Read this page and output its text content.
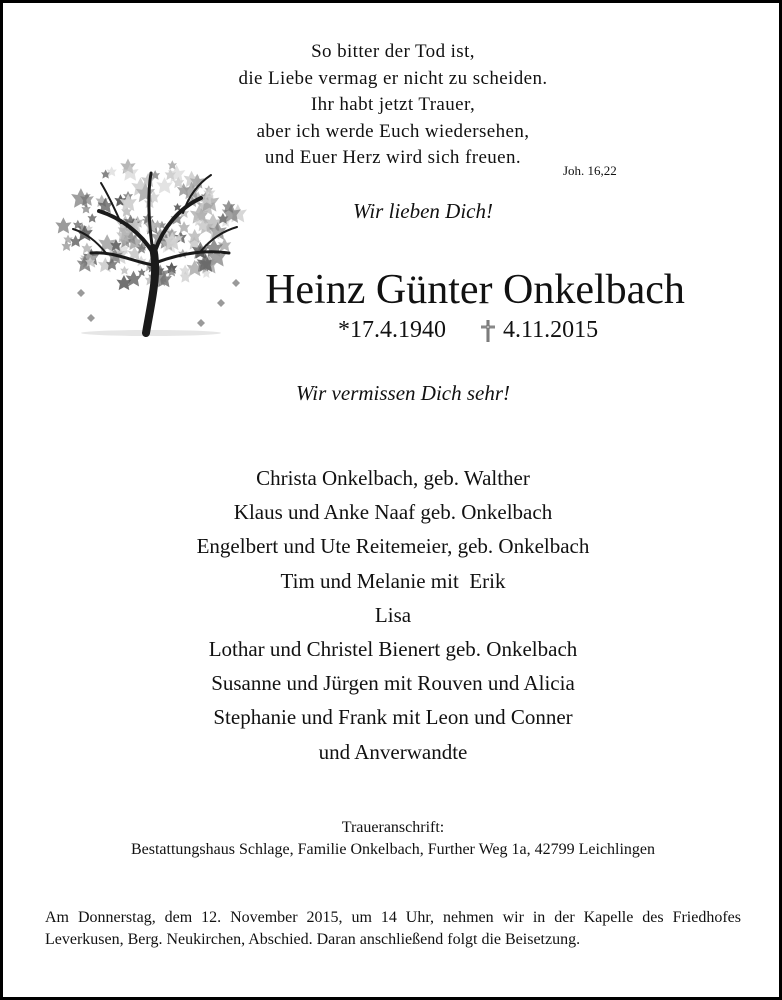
So bitter der Tod ist,
die Liebe vermag er nicht zu scheiden.
Ihr habt jetzt Trauer,
aber ich werde Euch wiedersehen,
und Euer Herz wird sich freuen.
Joh. 16,22
Wir lieben Dich!
Heinz Günter Onkelbach
*17.4.1940 4.11.2015
Wir vermissen Dich sehr!
Christa Onkelbach, geb. Walther
Klaus und Anke Naaf geb. Onkelbach
Engelbert und Ute Reitemeier, geb. Onkelbach
Tim und Melanie mit  Erik
Lisa
Lothar und Christel Bienert geb. Onkelbach
Susanne und Jürgen mit Rouven und Alicia
Stephanie und Frank mit Leon und Conner
und Anverwandte
Traueranschrift:
Bestattungshaus Schlage, Familie Onkelbach, Further Weg 1a, 42799 Leichlingen
Am Donnerstag, dem 12. November 2015, um 14 Uhr, nehmen wir in der Kapelle des Friedhofes Leverkusen, Berg. Neukirchen, Abschied. Daran anschließend folgt die Beisetzung.
